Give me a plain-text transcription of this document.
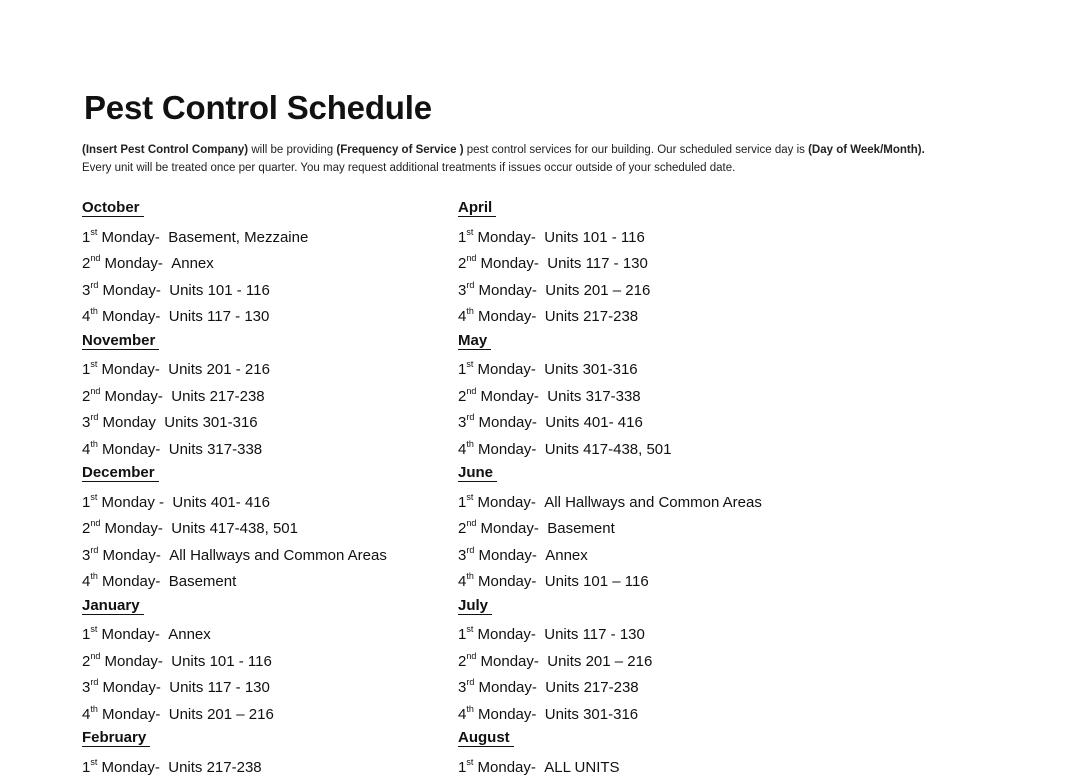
Pest Control Schedule
(Insert Pest Control Company) will be providing (Frequency of Service ) pest control services for our building. Our scheduled service day is (Day of Week/Month).
Every unit will be treated once per quarter. You may request additional treatments if issues occur outside of your scheduled date.
October
1st Monday- Basement, Mezzaine
2nd Monday- Annex
3rd Monday- Units 101 - 116
4th Monday- Units 117 - 130
November
1st Monday- Units 201 - 216
2nd Monday- Units 217-238
3rd Monday Units 301-316
4th Monday- Units 317-338
December
1st Monday - Units 401- 416
2nd Monday- Units 417-438, 501
3rd Monday- All Hallways and Common Areas
4th Monday- Basement
January
1st Monday- Annex
2nd Monday- Units 101 - 116
3rd Monday- Units 117 - 130
4th Monday- Units 201 – 216
February
1st Monday- Units 217-238
April
1st Monday- Units 101 - 116
2nd Monday- Units 117 - 130
3rd Monday- Units 201 – 216
4th Monday- Units 217-238
May
1st Monday- Units 301-316
2nd Monday- Units 317-338
3rd Monday- Units 401- 416
4th Monday- Units 417-438, 501
June
1st Monday- All Hallways and Common Areas
2nd Monday- Basement
3rd Monday- Annex
4th Monday- Units 101 – 116
July
1st Monday- Units 117 - 130
2nd Monday- Units 201 – 216
3rd Monday- Units 217-238
4th Monday- Units 301-316
August
1st Monday- ALL UNITS
